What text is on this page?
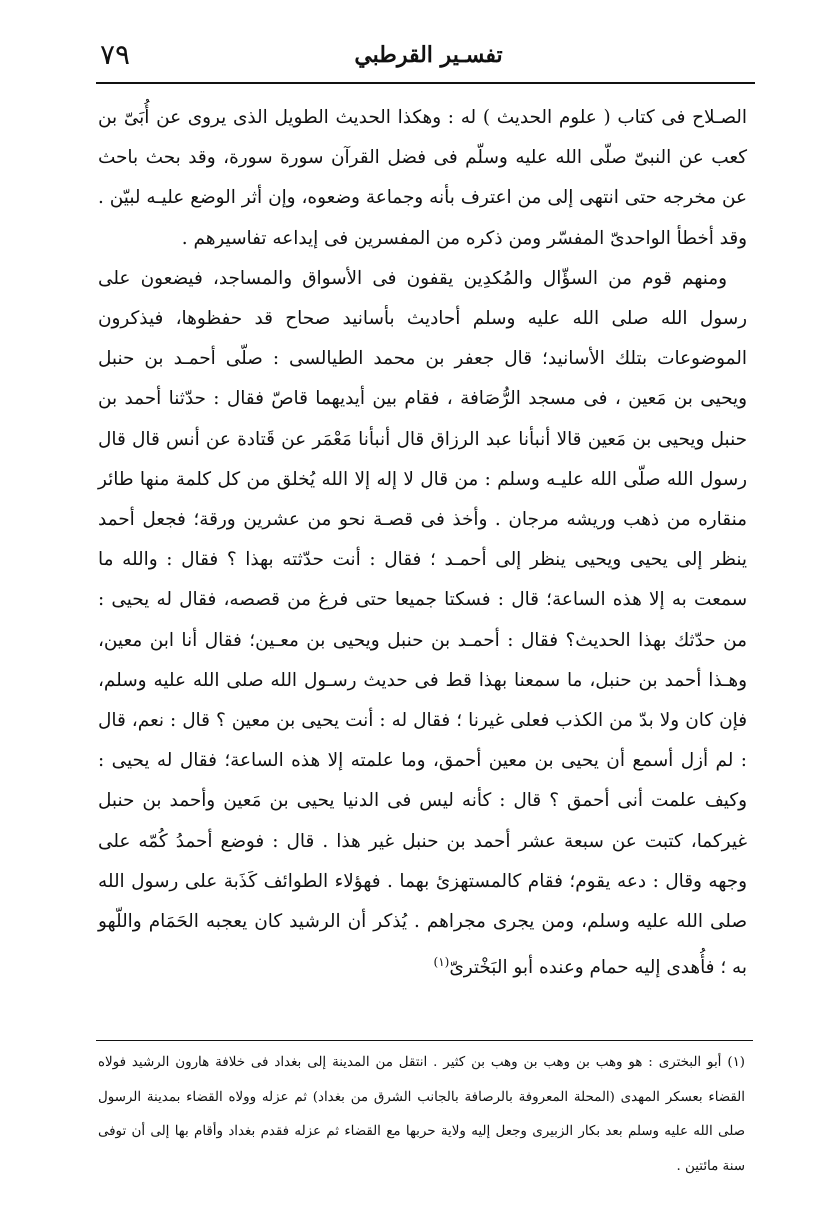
٧٩	تفسـير القرطبي

الصـلاح فى كتاب ( علوم الحديث ) له : وهكذا الحديث الطويل الذى يروى عن أُبَىّ بن كعب عن النبىّ صلّى الله عليه وسلّم فى فضل القرآن سورة سورة، وقد بحث باحث عن مخرجه حتى انتهى إلى من اعترف بأنه وجماعة وضعوه، وإن أثر الوضع عليـه لبيّن . وقد أخطأ الواحدىّ المفسّر ومن ذكره من المفسرين فى إيداعه تفاسيرهم .

ومنهم قوم من السؤّال والمُكدِين يقفون فى الأسواق والمساجد، فيضعون على رسول الله صلى الله عليه وسلم أحاديث بأسانيد صحاح قد حفظوها، فيذكرون الموضوعات بتلك الأسانيد؛ قال جعفر بن محمد الطيالسى : صلّى أحمـد بن حنبل ويحيى بن مَعين ، فى مسجد الرُّصَافة ، فقام بين أيديهما قاصّ فقال : حدّثنا أحمد بن حنبل ويحيى بن مَعين قالا أنبأنا عبد الرزاق قال أنبأنا مَعْمَر عن قَتادة عن أنس قال قال رسول الله صلّى الله عليـه وسلم : من قال لا إله إلا الله يُخلق من كل كلمة منها طائر منقاره من ذهب وريشه مرجان . وأخذ فى قصـة نحو من عشرين ورقة؛ فجعل أحمد ينظر إلى يحيى ويحيى ينظر إلى أحمـد ؛ فقال : أنت حدّثته بهذا ؟ فقال : والله ما سمعت به إلا هذه الساعة؛ قال : فسكتا جميعا حتى فرغ من قصصه، فقال له يحيى : من حدّثك بهذا الحديث؟ فقال : أحمـد بن حنبل ويحيى بن معـين؛ فقال أنا ابن معين، وهـذا أحمد بن حنبل، ما سمعنا بهذا قط فى حديث رسـول الله صلى الله عليه وسلم، فإن كان ولا بدّ من الكذب فعلى غيرنا ؛ فقال له : أنت يحيى بن معين ؟ قال : نعم، قال : لم أزل أسمع أن يحيى بن معين أحمق، وما علمته إلا هذه الساعة؛ فقال له يحيى : وكيف علمت أنى أحمق ؟ قال : كأنه ليس فى الدنيا يحيى بن مَعين وأحمد بن حنبل غيركما، كتبت عن سبعة عشر أحمد بن حنبل غير هذا . قال : فوضع أحمدُ كُمّه على وجهه وقال : دعه يقوم؛ فقام كالمستهزئ بهما . فهؤلاء الطوائف كَذَبة على رسول الله صلى الله عليه وسلم، ومن يجرى مجراهم . يُذكر أن الرشيد كان يعجبه الحَمَام واللّهو به ؛ فأُهدى إليه حمام وعنده أبو البَخْترىّ$^{(١)}$

(١) أبو البخترى : هو وهب بن وهب بن وهب بن كثير . انتقل من المدينة إلى بغداد فى خلافة هارون الرشيد فولاه القضاء بعسكر المهدى (المحلة المعروفة بالرصافة بالجانب الشرق من بغداد) ثم عزله وولاه القضاء بمدينة الرسول صلى الله عليه وسلم بعد بكار الزبيرى وجعل إليه ولاية حربها مع القضاء ثم عزله فقدم بغداد وأقام بها إلى أن توفى سنة مائتين .
